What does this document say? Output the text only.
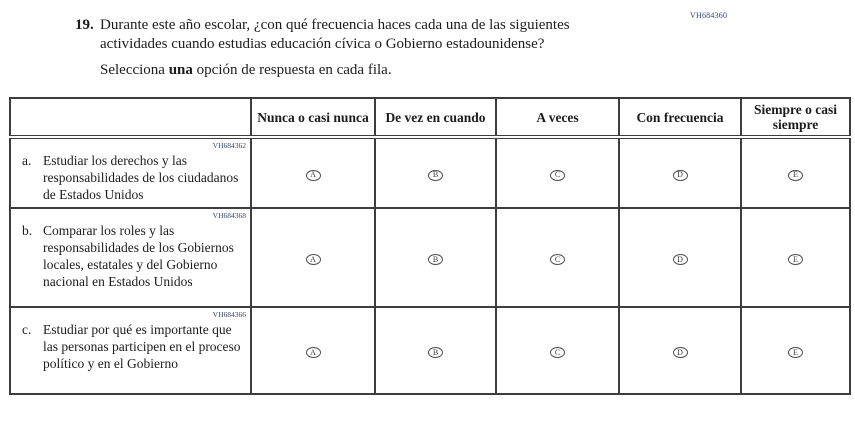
VH684360
19. Durante este año escolar, ¿con qué frecuencia haces cada una de las siguientes actividades cuando estudias educación cívica o Gobierno estadounidense?
Selecciona una opción de respuesta en cada fila.
	Nunca o casi nunca	De vez en cuando	A veces	Con frecuencia	Siempre o casi siempre

VH684362
a. Estudiar los derechos y las responsabilidades de los ciudadanos de Estados Unidos	A	B	C	D	E

VH684368
b. Comparar los roles y las responsabilidades de los Gobiernos locales, estatales y del Gobierno nacional en Estados Unidos	A	B	C	D	E

VH684366
c. Estudiar por qué es importante que las personas participen en el proceso político y en el Gobierno	A	B	C	D	E
